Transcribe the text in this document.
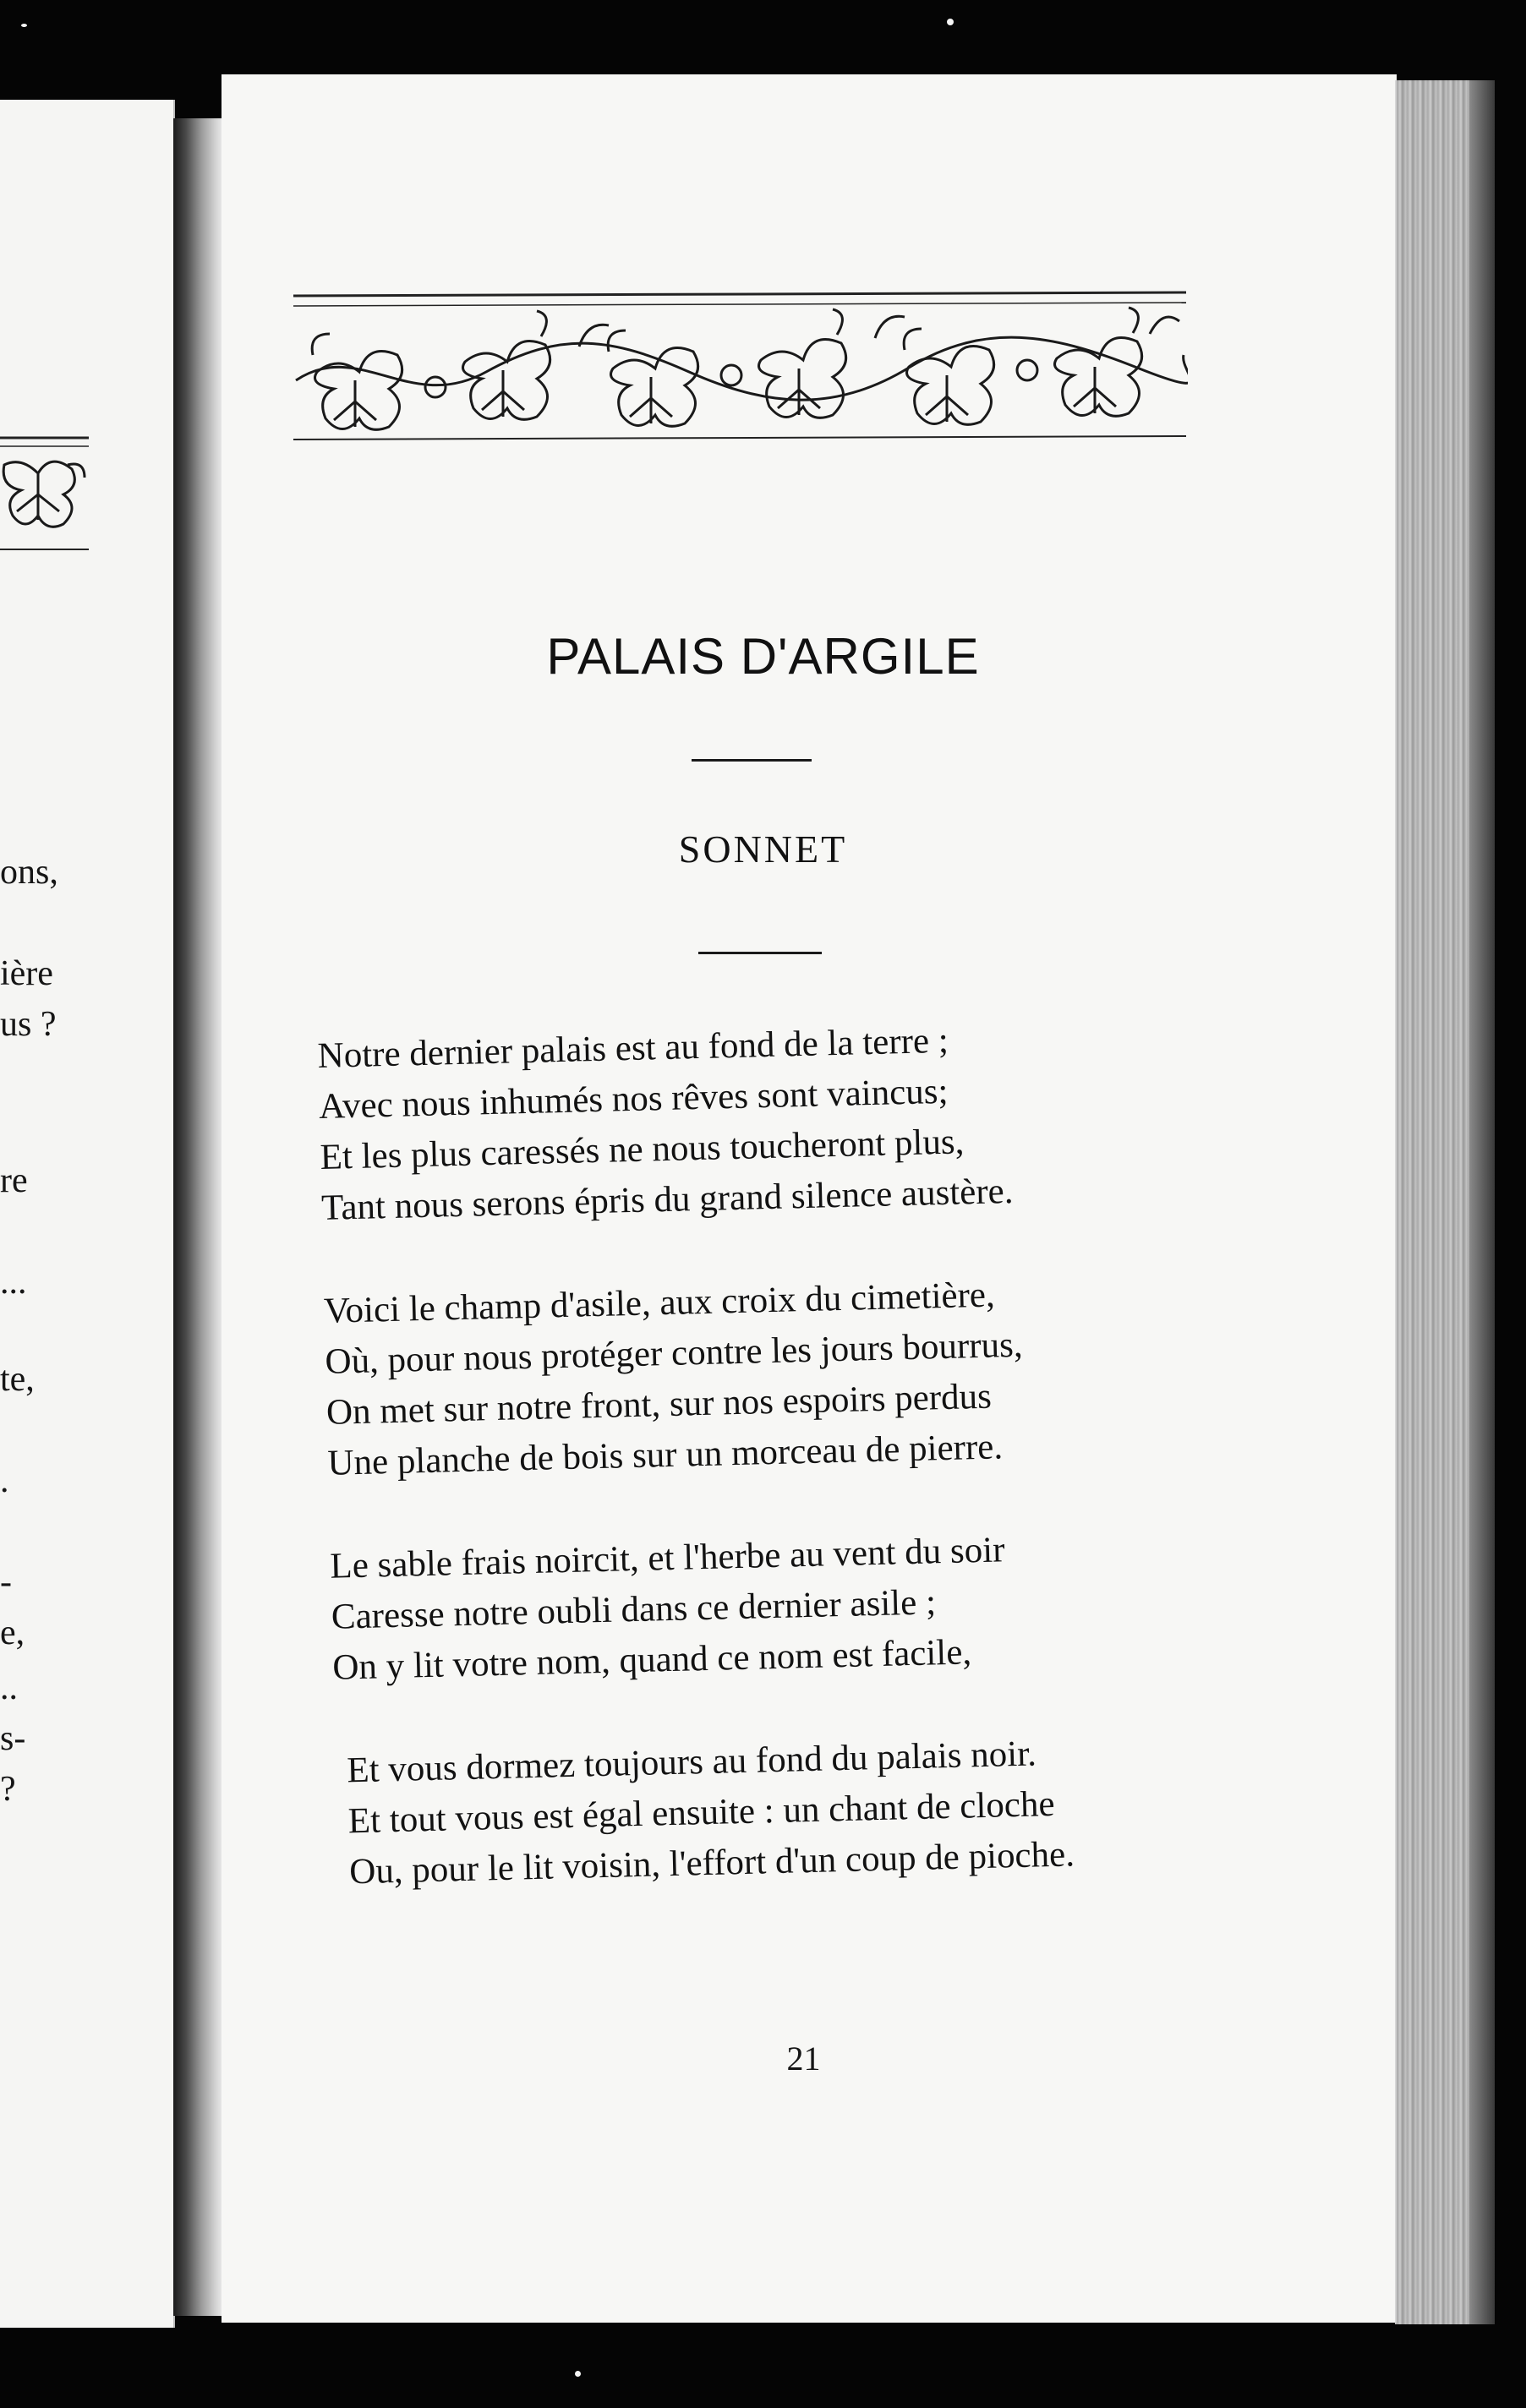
ons,
ière
us ?
re
...
te,
.
-
e,
..
s-
?
PALAIS D'ARGILE
SONNET
Notre dernier palais est au fond de la terre ;
Avec nous inhumés nos rêves sont vaincus;
Et les plus caressés ne nous toucheront plus,
Tant nous serons épris du grand silence austère.
Voici le champ d'asile, aux croix du cimetière,
Où, pour nous protéger contre les jours bourrus,
On met sur notre front, sur nos espoirs perdus
Une planche de bois sur un morceau de pierre.
Le sable frais noircit, et l'herbe au vent du soir
Caresse notre oubli dans ce dernier asile ;
On y lit votre nom, quand ce nom est facile,
Et vous dormez toujours au fond du palais noir.
Et tout vous est égal ensuite : un chant de cloche
Ou, pour le lit voisin, l'effort d'un coup de pioche.
21
